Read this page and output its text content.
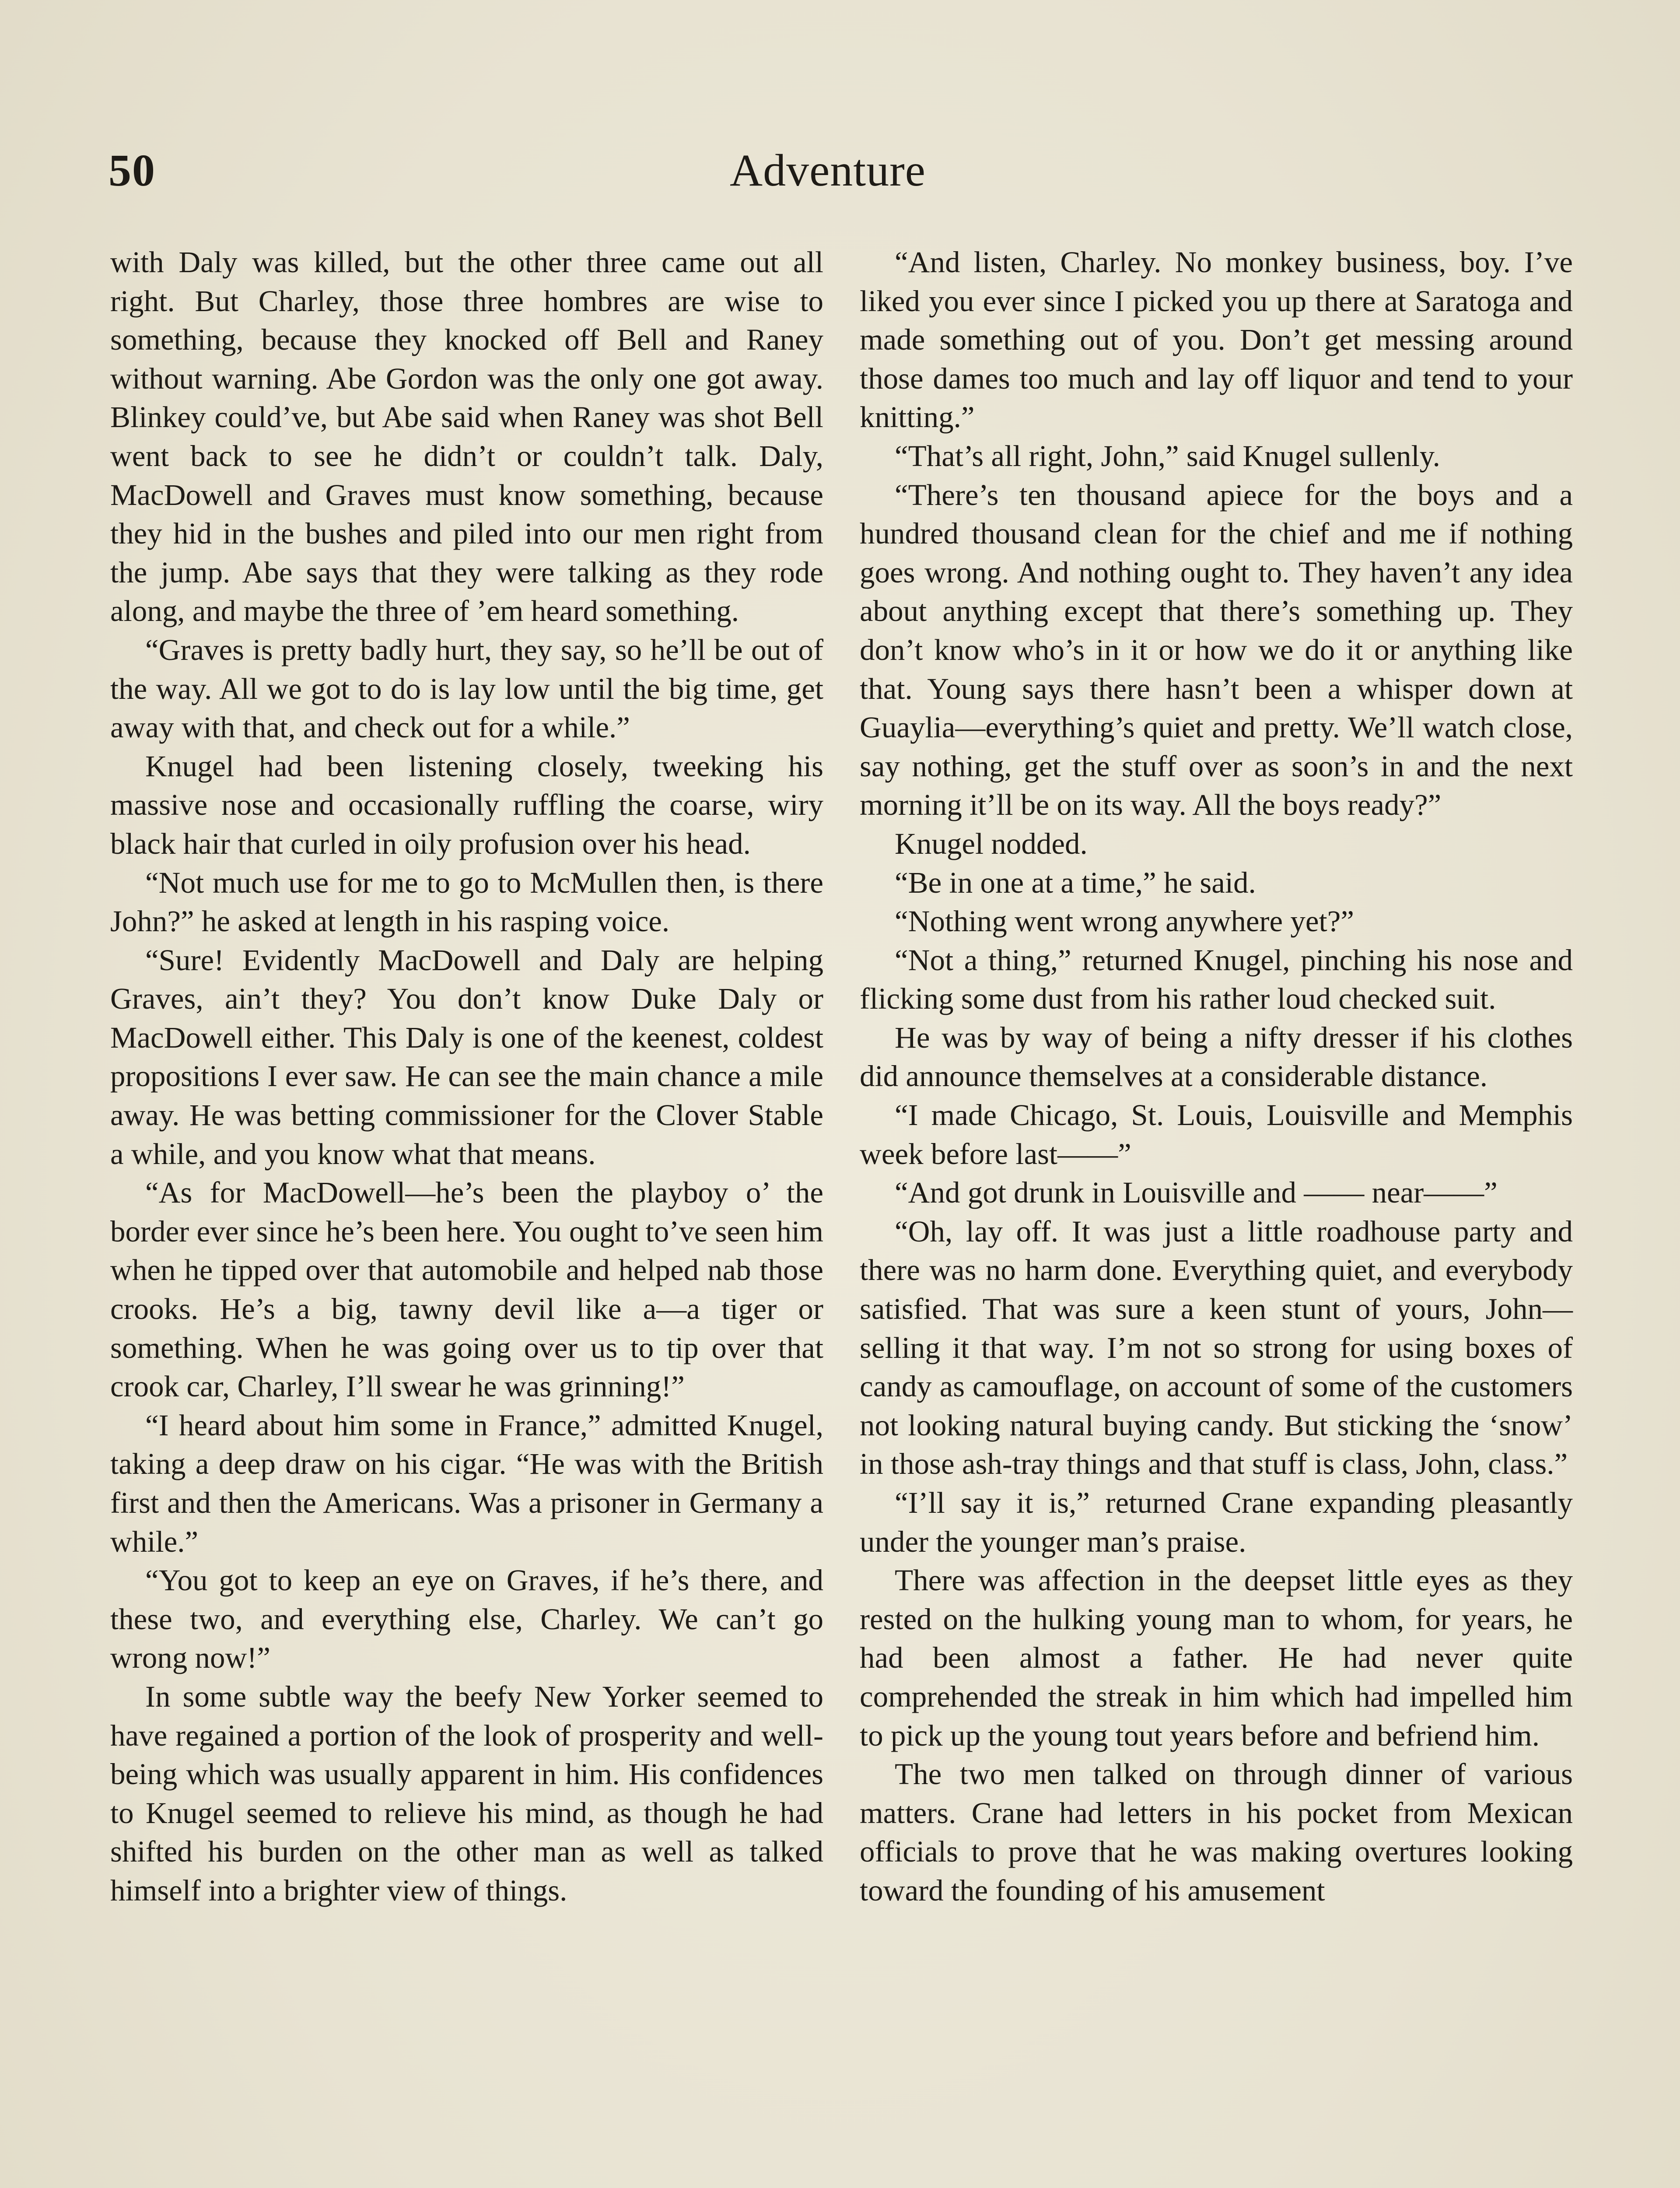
50	Adventure

with Daly was killed, but the other three came out all right. But Charley, those three hombres are wise to something, because they knocked off Bell and Raney without warning. Abe Gordon was the only one got away. Blinkey could’ve, but Abe said when Raney was shot Bell went back to see he didn’t or couldn’t talk. Daly, MacDowell and Graves must know something, because they hid in the bushes and piled into our men right from the jump. Abe says that they were talking as they rode along, and maybe the three of ’em heard something.

“Graves is pretty badly hurt, they say, so he’ll be out of the way. All we got to do is lay low until the big time, get away with that, and check out for a while.”

Knugel had been listening closely, tweeking his massive nose and occasionally ruffling the coarse, wiry black hair that curled in oily profusion over his head.

“Not much use for me to go to McMullen then, is there John?” he asked at length in his rasping voice.

“Sure! Evidently MacDowell and Daly are helping Graves, ain’t they? You don’t know Duke Daly or MacDowell either. This Daly is one of the keenest, coldest propositions I ever saw. He can see the main chance a mile away. He was betting commissioner for the Clover Stable a while, and you know what that means.

“As for MacDowell—he’s been the playboy o’ the border ever since he’s been here. You ought to’ve seen him when he tipped over that automobile and helped nab those crooks. He’s a big, tawny devil like a—a tiger or something. When he was going over us to tip over that crook car, Charley, I’ll swear he was grinning!”

“I heard about him some in France,” admitted Knugel, taking a deep draw on his cigar. “He was with the British first and then the Americans. Was a prisoner in Germany a while.”

“You got to keep an eye on Graves, if he’s there, and these two, and everything else, Charley. We can’t go wrong now!”

In some subtle way the beefy New Yorker seemed to have regained a portion of the look of prosperity and well-being which was usually apparent in him. His confidences to Knugel seemed to relieve his mind, as though he had shifted his burden on the other man as well as talked himself into a brighter view of things.

“And listen, Charley. No monkey business, boy. I’ve liked you ever since I picked you up there at Saratoga and made something out of you. Don’t get messing around those dames too much and lay off liquor and tend to your knitting.”

“That’s all right, John,” said Knugel sullenly.

“There’s ten thousand apiece for the boys and a hundred thousand clean for the chief and me if nothing goes wrong. And nothing ought to. They haven’t any idea about anything except that there’s something up. They don’t know who’s in it or how we do it or anything like that. Young says there hasn’t been a whisper down at Guaylia—everything’s quiet and pretty. We’ll watch close, say nothing, get the stuff over as soon’s in and the next morning it’ll be on its way. All the boys ready?”

Knugel nodded.

“Be in one at a time,” he said.

“Nothing went wrong anywhere yet?”

“Not a thing,” returned Knugel, pinching his nose and flicking some dust from his rather loud checked suit.

He was by way of being a nifty dresser if his clothes did announce themselves at a considerable distance.

“I made Chicago, St. Louis, Louisville and Memphis week before last——”

“And got drunk in Louisville and —— near——”

“Oh, lay off. It was just a little roadhouse party and there was no harm done. Everything quiet, and everybody satisfied. That was sure a keen stunt of yours, John—selling it that way. I’m not so strong for using boxes of candy as camouflage, on account of some of the customers not looking natural buying candy. But sticking the ‘snow’ in those ash-tray things and that stuff is class, John, class.”

“I’ll say it is,” returned Crane expanding pleasantly under the younger man’s praise.

There was affection in the deepset little eyes as they rested on the hulking young man to whom, for years, he had been almost a father. He had never quite comprehended the streak in him which had impelled him to pick up the young tout years before and befriend him.

The two men talked on through dinner of various matters. Crane had letters in his pocket from Mexican officials to prove that he was making overtures looking toward the founding of his amusement
